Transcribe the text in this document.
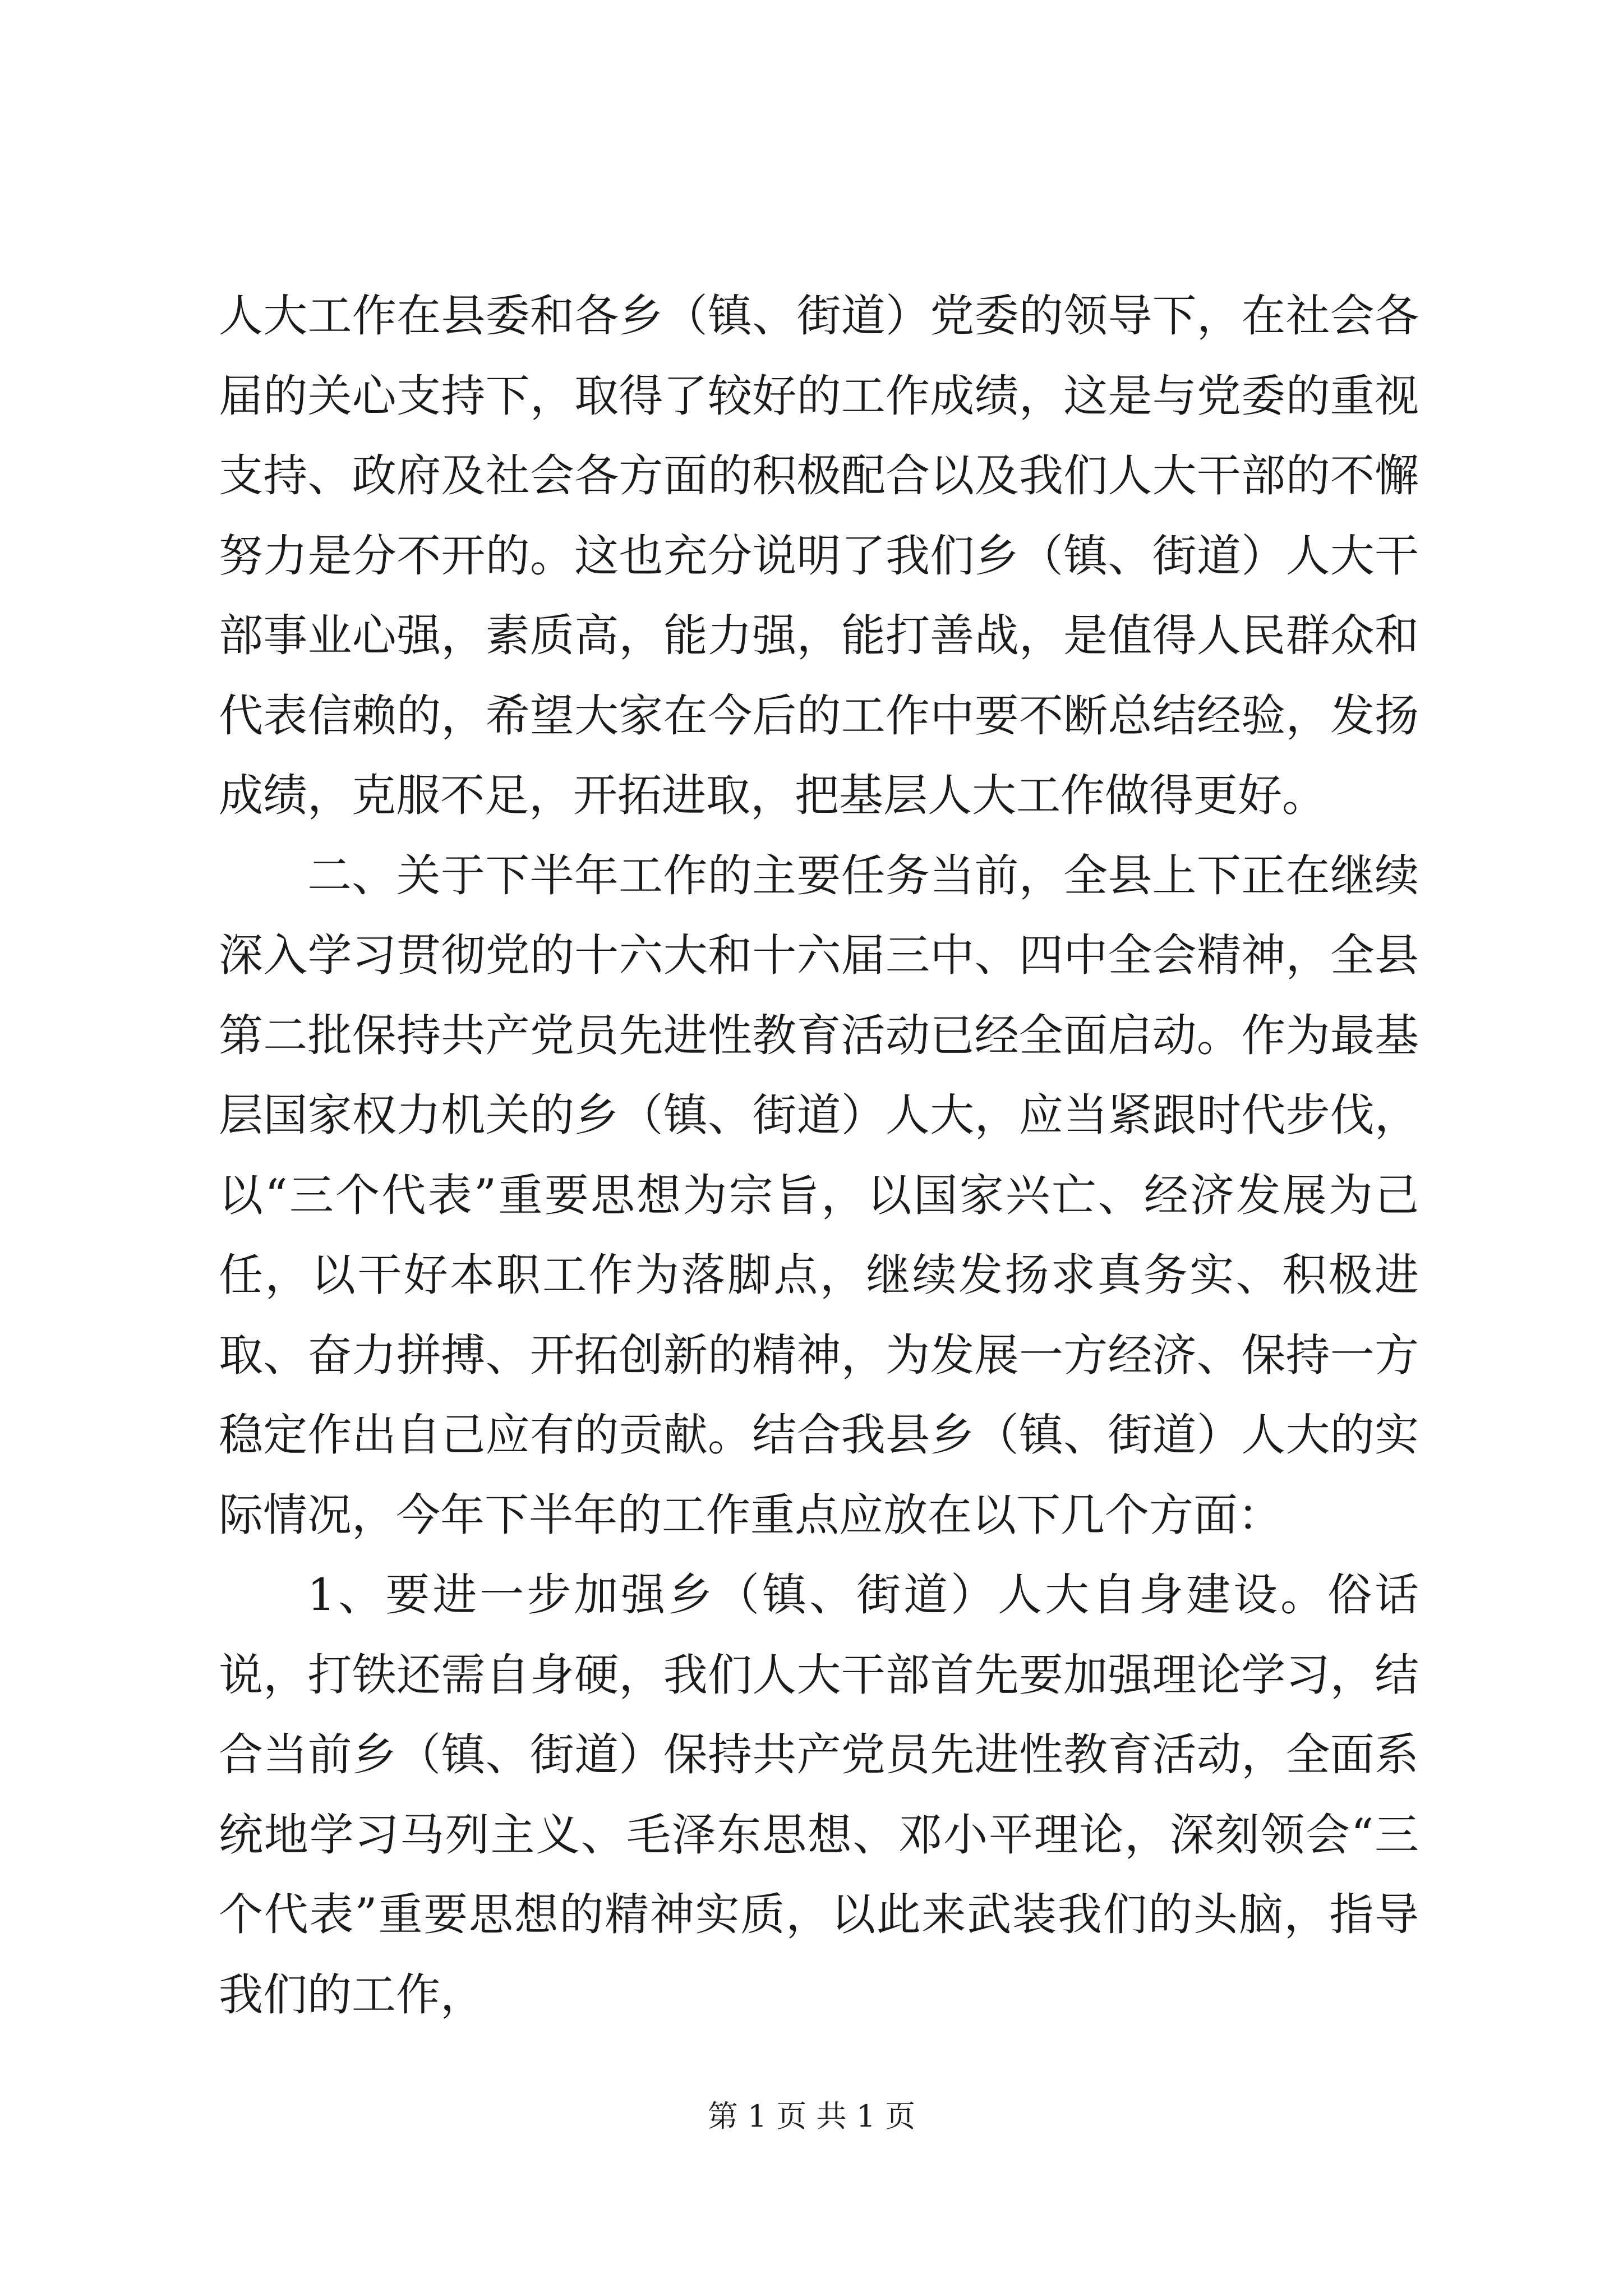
人大工作在县委和各乡（镇、街道）党委的领导下，在社会各届的关心支持下，取得了较好的工作成绩，这是与党委的重视支持、政府及社会各方面的积极配合以及我们人大干部的不懈努力是分不开的。这也充分说明了我们乡（镇、街道）人大干部事业心强，素质高，能力强，能打善战，是值得人民群众和代表信赖的，希望大家在今后的工作中要不断总结经验，发扬成绩，克服不足，开拓进取，把基层人大工作做得更好。

二、关于下半年工作的主要任务当前，全县上下正在继续深入学习贯彻党的十六大和十六届三中、四中全会精神，全县第二批保持共产党员先进性教育活动已经全面启动。作为最基层国家权力机关的乡（镇、街道）人大，应当紧跟时代步伐，以“三个代表”重要思想为宗旨，以国家兴亡、经济发展为己任，以干好本职工作为落脚点，继续发扬求真务实、积极进取、奋力拼搏、开拓创新的精神，为发展一方经济、保持一方稳定作出自己应有的贡献。结合我县乡（镇、街道）人大的实际情况，今年下半年的工作重点应放在以下几个方面：

1、要进一步加强乡（镇、街道）人大自身建设。俗话说，打铁还需自身硬，我们人大干部首先要加强理论学习，结合当前乡（镇、街道）保持共产党员先进性教育活动，全面系统地学习马列主义、毛泽东思想、邓小平理论，深刻领会“三个代表”重要思想的精神实质，以此来武装我们的头脑，指导我们的工作，

第 1 页 共 1 页
